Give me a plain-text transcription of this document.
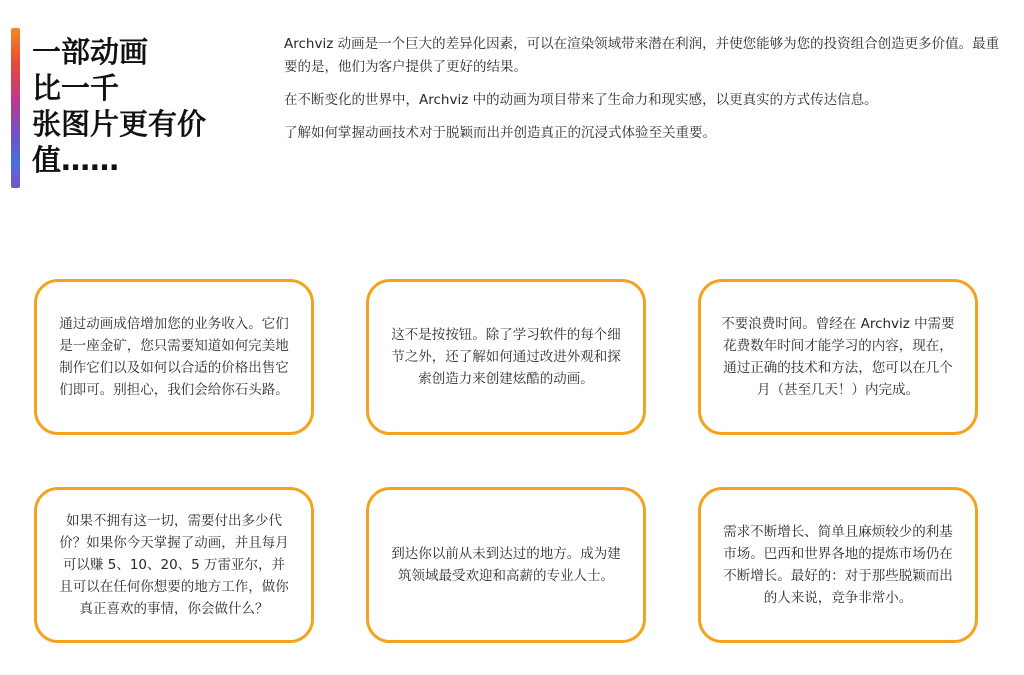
一部动画
比一千
张图片更有价
值……

Archviz 动画是一个巨大的差异化因素，可以在渲染领域带来潜在利润，并使您能够为您的投资组合创造更多价值。最重要的是，他们为客户提供了更好的结果。

在不断变化的世界中，Archviz 中的动画为项目带来了生命力和现实感，以更真实的方式传达信息。

了解如何掌握动画技术对于脱颖而出并创造真正的沉浸式体验至关重要。

通过动画成倍增加您的业务收入。它们是一座金矿，您只需要知道如何完美地制作它们以及如何以合适的价格出售它们即可。别担心，我们会给你石头路。

这不是按按钮。除了学习软件的每个细节之外，还了解如何通过改进外观和探索创造力来创建炫酷的动画。

不要浪费时间。曾经在 Archviz 中需要花费数年时间才能学习的内容，现在，通过正确的技术和方法，您可以在几个月（甚至几天！）内完成。

如果不拥有这一切，需要付出多少代价？如果你今天掌握了动画，并且每月可以赚 5、10、20、5 万雷亚尔，并且可以在任何你想要的地方工作，做你真正喜欢的事情，你会做什么？

到达你以前从未到达过的地方。成为建筑领域最受欢迎和高薪的专业人士。

需求不断增长、简单且麻烦较少的利基市场。巴西和世界各地的提炼市场仍在不断增长。最好的：对于那些脱颖而出的人来说，竞争非常小。
